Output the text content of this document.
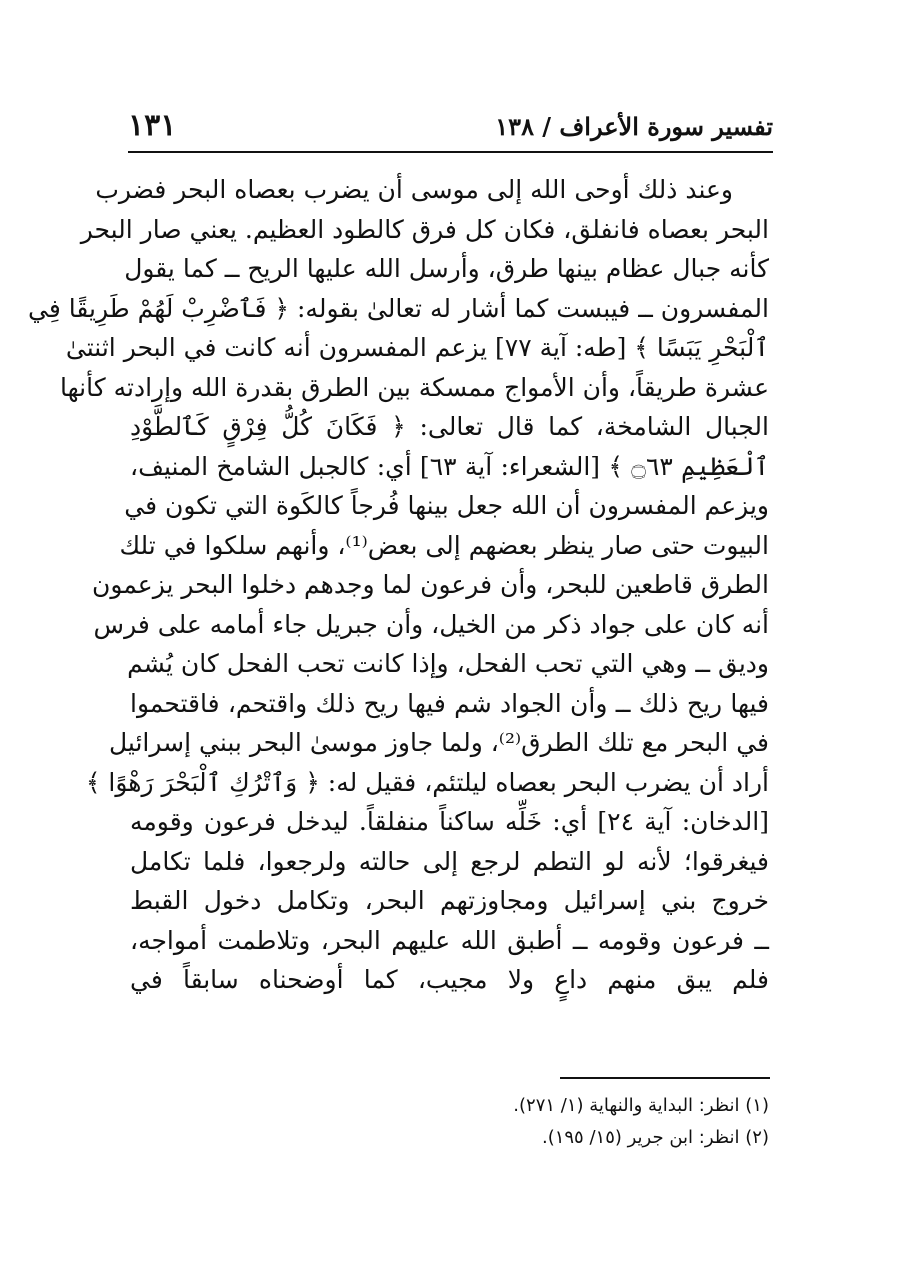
تفسير سورة الأعراف / ١٣٨
١٣١
وعند ذلك أوحى الله إلى موسى أن يضرب بعصاه البحر فضرب
البحر بعصاه فانفلق، فكان كل فرق كالطود العظيم. يعني صار البحر
كأنه جبال عظام بينها طرق، وأرسل الله عليها الريح ــ كما يقول
المفسرون ــ فيبست كما أشار له تعالىٰ بقوله: ﴿ فَٱضْرِبْ لَهُمْ طَرِيقًا فِي
ٱلْبَحْرِ يَبَسًا ﴾ [طه: آية ٧٧] يزعم المفسرون أنه كانت في البحر اثنتىٰ
عشرة طريقاً، وأن الأمواج ممسكة بين الطرق بقدرة الله وإرادته كأنها
الجبال الشامخة، كما قال تعالى: ﴿ فَكَانَ كُلُّ فِرْقٍ كَٱلطَّوْدِ
ٱلْعَظِيمِ ۝٦٣ ﴾ [الشعراء: آية ٦٣] أي: كالجبل الشامخ المنيف،
ويزعم المفسرون أن الله جعل بينها فُرجاً كالكَوة التي تكون في
البيوت حتى صار ينظر بعضهم إلى بعض⁽¹⁾، وأنهم سلكوا في تلك
الطرق قاطعين للبحر، وأن فرعون لما وجدهم دخلوا البحر يزعمون
أنه كان على جواد ذكر من الخيل، وأن جبريل جاء أمامه على فرس
وديق ــ وهي التي تحب الفحل، وإذا كانت تحب الفحل كان يُشم
فيها ريح ذلك ــ وأن الجواد شم فيها ريح ذلك واقتحم، فاقتحموا
في البحر مع تلك الطرق⁽²⁾، ولما جاوز موسىٰ البحر ببني إسرائيل
أراد أن يضرب البحر بعصاه ليلتئم، فقيل له: ﴿ وَٱتْرُكِ ٱلْبَحْرَ رَهْوًا ﴾
[الدخان: آية ٢٤] أي: خَلِّه ساكناً منفلقاً. ليدخل فرعون وقومه
فيغرقوا؛ لأنه لو التطم لرجع إلى حالته ولرجعوا، فلما تكامل
خروج بني إسرائيل ومجاوزتهم البحر، وتكامل دخول القبط
ــ فرعون وقومه ــ أطبق الله عليهم البحر، وتلاطمت أمواجه،
فلم يبق منهم داعٍ ولا مجيب، كما أوضحناه سابقاً في
(١) انظر: البداية والنهاية (١/ ٢٧١).
(٢) انظر: ابن جرير (١٥/ ١٩٥).
